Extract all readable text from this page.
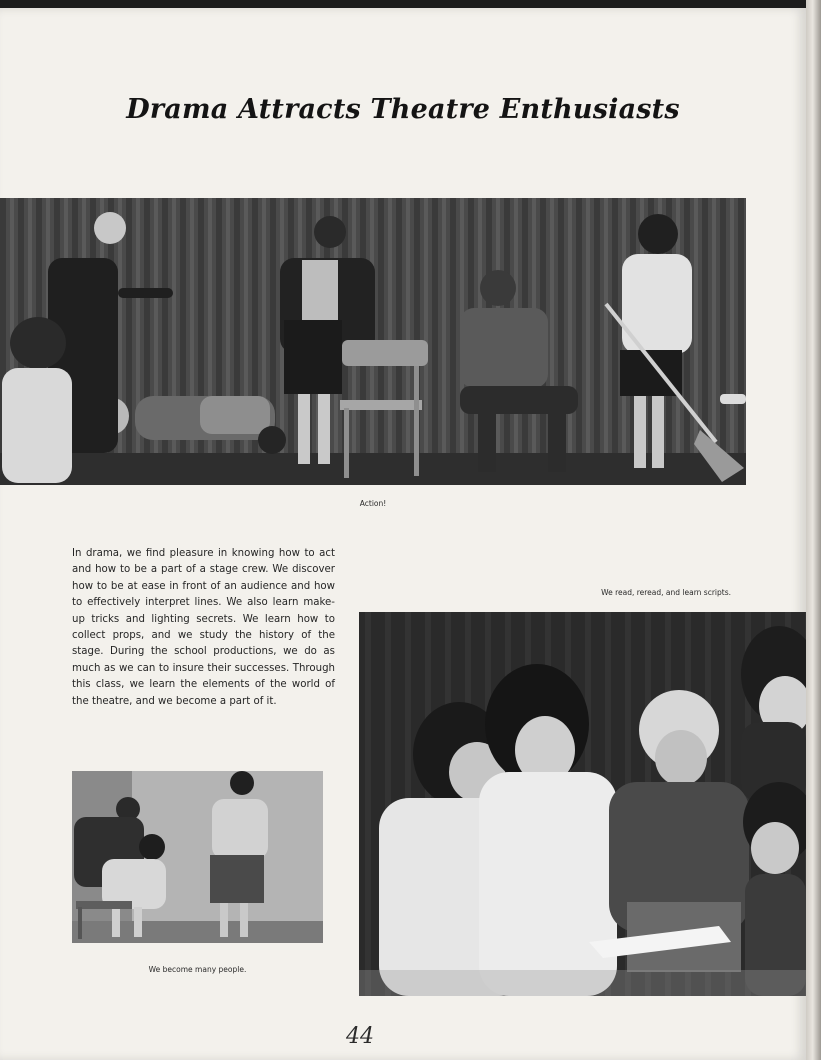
Drama Attracts Theatre Enthusiasts
Action!
We read, reread, and learn scripts.
In drama, we find pleasure in knowing how to act and how to be a part of a stage crew. We discover how to be at ease in front of an audience and how to effectively interpret lines. We also learn make-up tricks and lighting secrets. We learn how to collect props, and we study the history of the stage. During the school productions, we do as much as we can to insure their successes. Through this class, we learn the elements of the world of the theatre, and we become a part of it.
We become many people.
44
